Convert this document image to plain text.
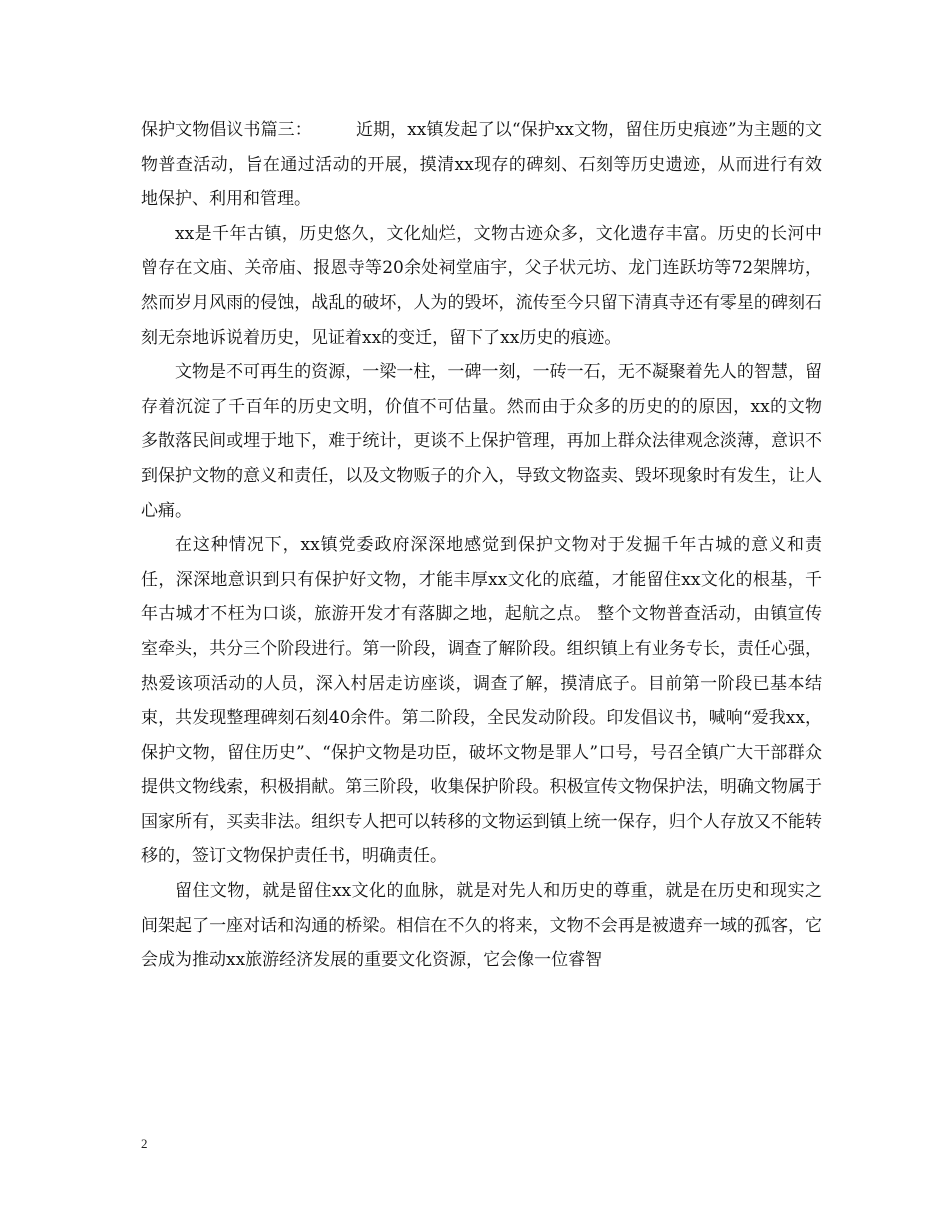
保护文物倡议书篇三：	近期，xx镇发起了以“保护xx文物，留住历史痕迹”为主题的文物普查活动，旨在通过活动的开展，摸清xx现存的碑刻、石刻等历史遗迹，从而进行有效地保护、利用和管理。

xx是千年古镇，历史悠久，文化灿烂，文物古迹众多，文化遗存丰富。历史的长河中曾存在文庙、关帝庙、报恩寺等20余处祠堂庙宇，父子状元坊、龙门连跃坊等72架牌坊，然而岁月风雨的侵蚀，战乱的破坏，人为的毁坏，流传至今只留下清真寺还有零星的碑刻石刻无奈地诉说着历史，见证着xx的变迁，留下了xx历史的痕迹。

文物是不可再生的资源，一梁一柱，一碑一刻，一砖一石，无不凝聚着先人的智慧，留存着沉淀了千百年的历史文明，价值不可估量。然而由于众多的历史的的原因，xx的文物多散落民间或埋于地下，难于统计，更谈不上保护管理，再加上群众法律观念淡薄，意识不到保护文物的意义和责任，以及文物贩子的介入，导致文物盗卖、毁坏现象时有发生，让人心痛。

在这种情况下，xx镇党委政府深深地感觉到保护文物对于发掘千年古城的意义和责任，深深地意识到只有保护好文物，才能丰厚xx文化的底蕴，才能留住xx文化的根基，千年古城才不枉为口谈，旅游开发才有落脚之地，起航之点。 整个文物普查活动，由镇宣传室牵头，共分三个阶段进行。第一阶段，调查了解阶段。组织镇上有业务专长，责任心强，热爱该项活动的人员，深入村居走访座谈，调查了解，摸清底子。目前第一阶段已基本结束，共发现整理碑刻石刻40余件。第二阶段，全民发动阶段。印发倡议书，喊响“爱我xx，保护文物，留住历史”、“保护文物是功臣，破坏文物是罪人”口号，号召全镇广大干部群众提供文物线索，积极捐献。第三阶段，收集保护阶段。积极宣传文物保护法，明确文物属于国家所有，买卖非法。组织专人把可以转移的文物运到镇上统一保存，归个人存放又不能转移的，签订文物保护责任书，明确责任。

留住文物，就是留住xx文化的血脉，就是对先人和历史的尊重，就是在历史和现实之间架起了一座对话和沟通的桥梁。相信在不久的将来，文物不会再是被遗弃一域的孤客，它会成为推动xx旅游经济发展的重要文化资源，它会像一位睿智

2
